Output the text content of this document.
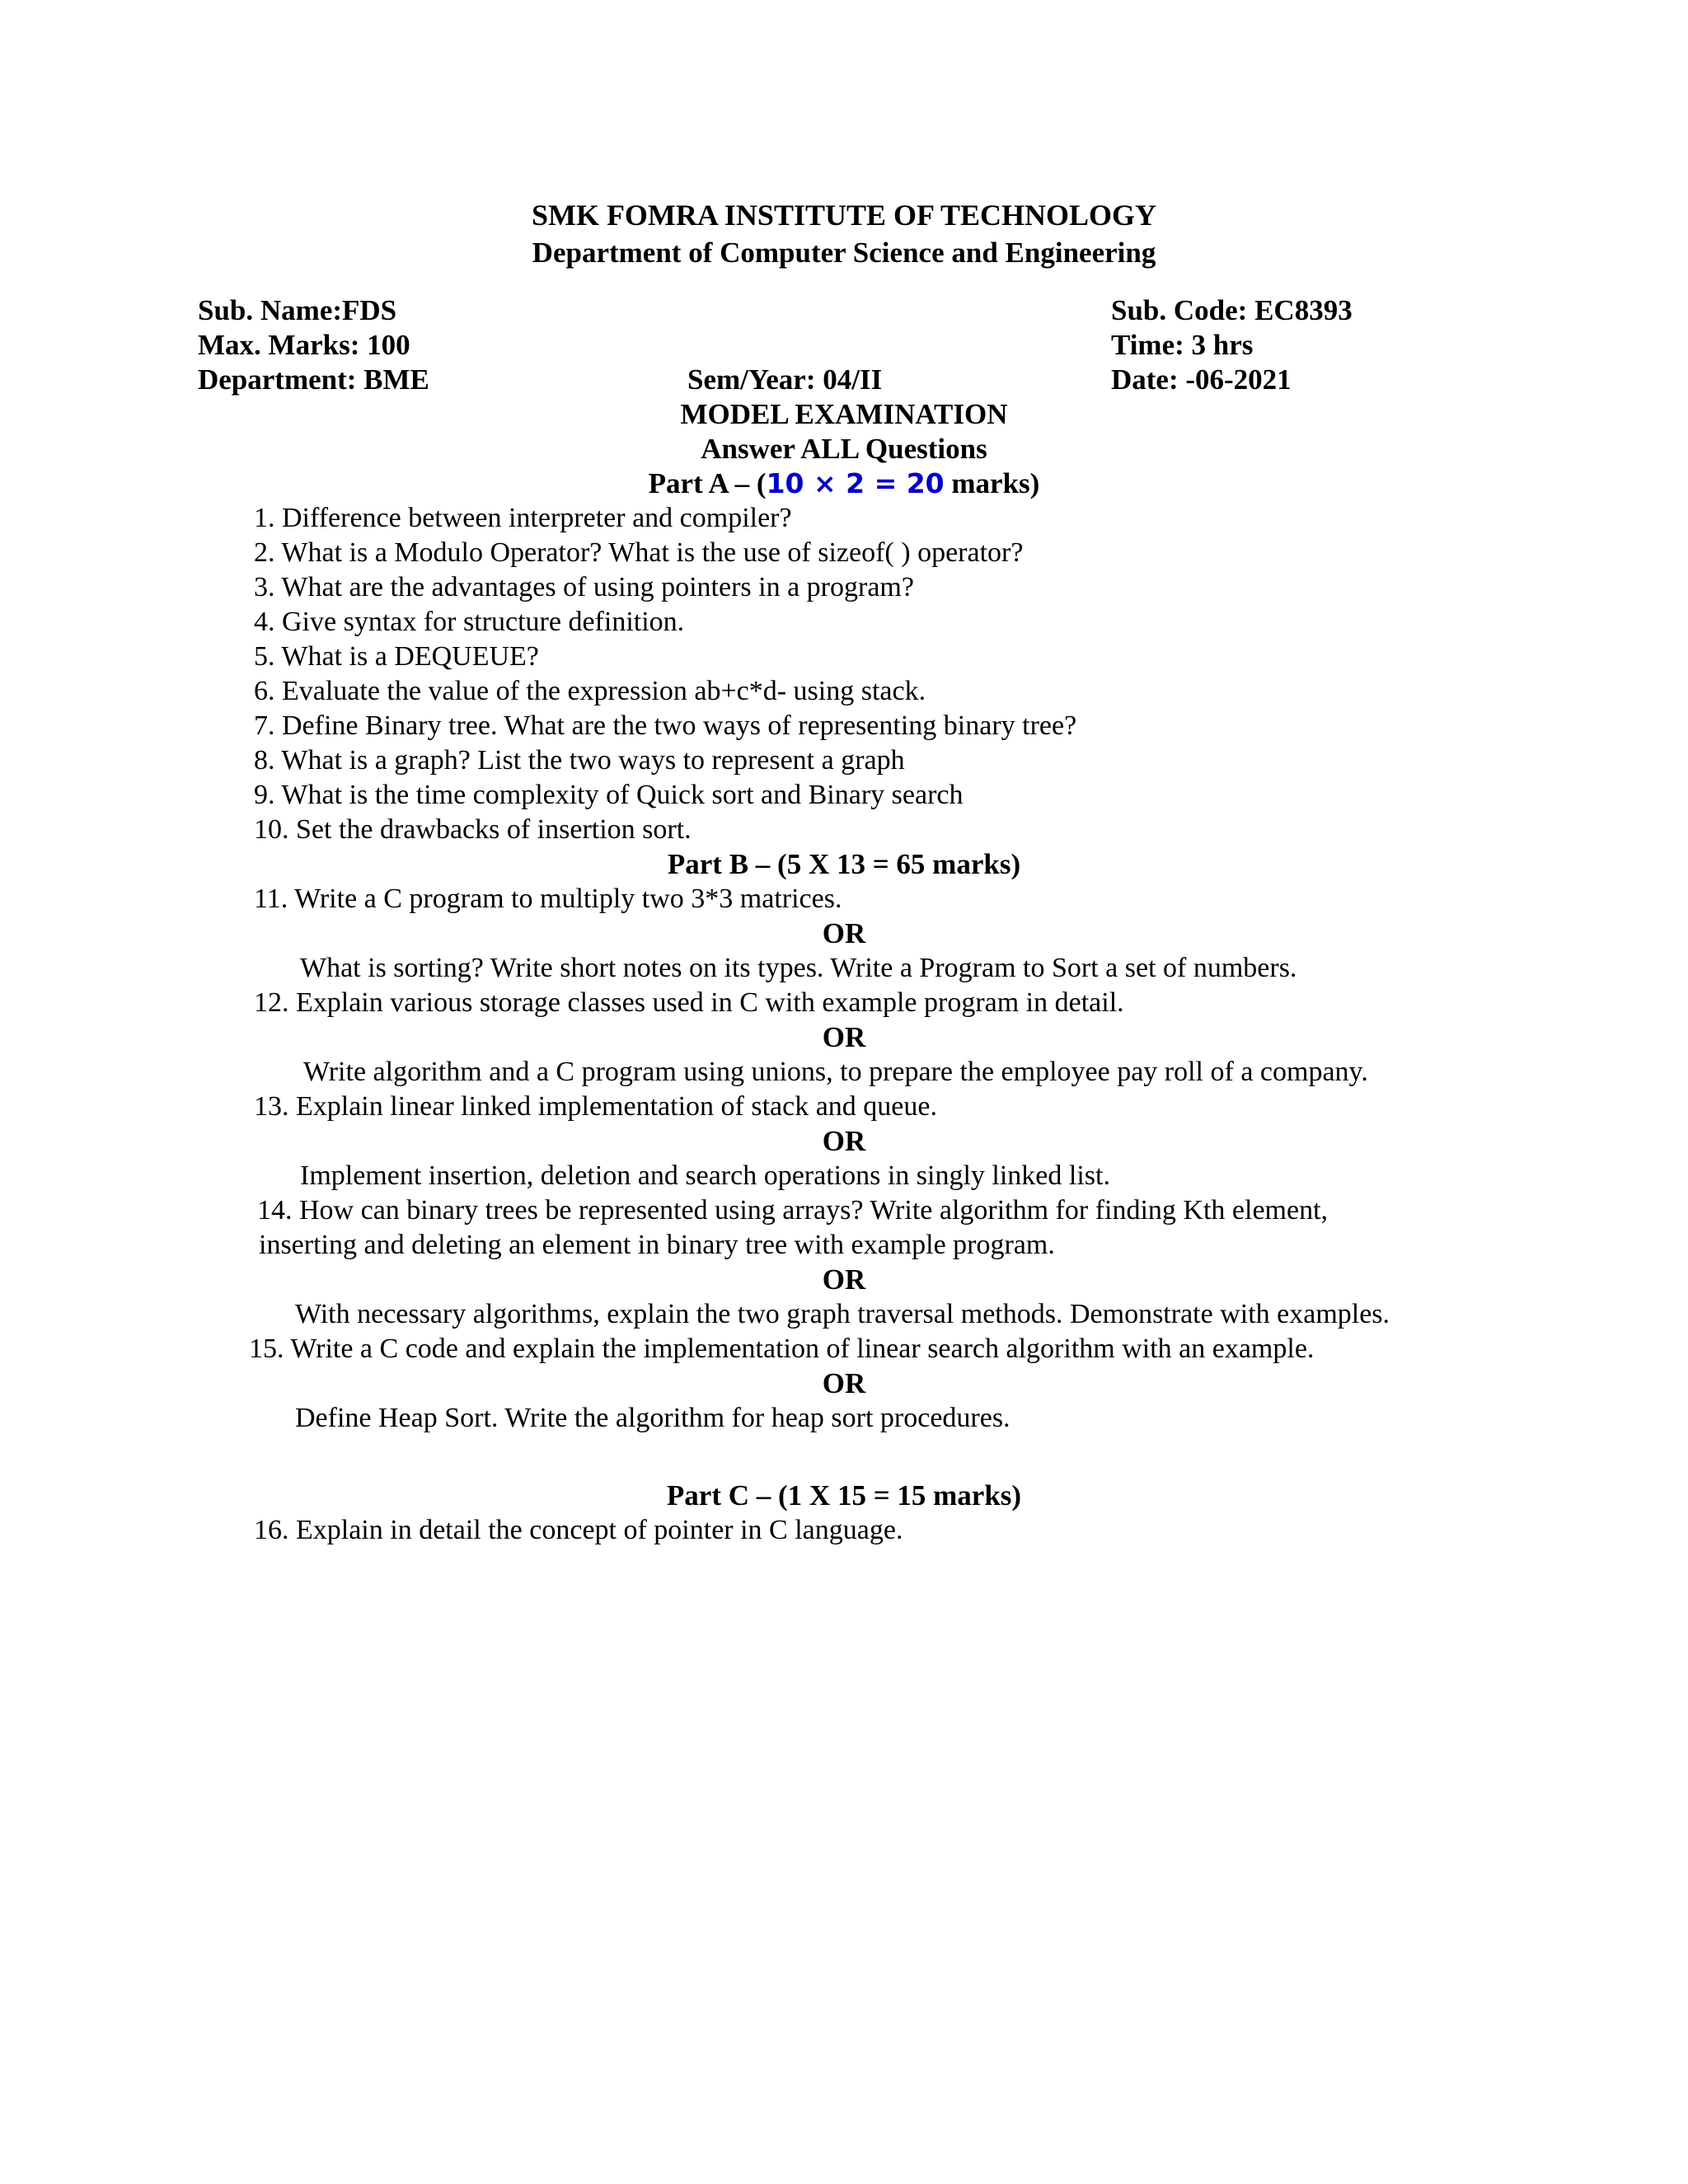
SMK FOMRA INSTITUTE OF TECHNOLOGY
Department of Computer Science and Engineering
Sub. Name:FDS
Max. Marks: 100
Department: BME
Sub. Code: EC8393
Time: 3 hrs
Sem/Year: 04/II	Date: -06-2021
MODEL EXAMINATION
Answer ALL Questions
Part A – (10 × 2 = 20 marks)
1. Difference between interpreter and compiler?
2. What is a Modulo Operator? What is the use of sizeof( ) operator?
3. What are the advantages of using pointers in a program?
4. Give syntax for structure definition.
5. What is a DEQUEUE?
6. Evaluate the value of the expression ab+c*d- using stack.
7. Define Binary tree. What are the two ways of representing binary tree?
8. What is a graph? List the two ways to represent a graph
9. What is the time complexity of Quick sort and Binary search
10. Set the drawbacks of insertion sort.
Part B – (5 X 13 = 65 marks)
11. Write a C program to multiply two 3*3 matrices.
OR
What is sorting? Write short notes on its types. Write a Program to Sort a set of numbers.
12. Explain various storage classes used in C with example program in detail.
OR
Write algorithm and a C program using unions, to prepare the employee pay roll of a company.
13. Explain linear linked implementation of stack and queue.
OR
Implement insertion, deletion and search operations in singly linked list.
14. How can binary trees be represented using arrays? Write algorithm for finding Kth element,
inserting and deleting an element in binary tree with example program.
OR
With necessary algorithms, explain the two graph traversal methods. Demonstrate with examples.
15. Write a C code and explain the implementation of linear search algorithm with an example.
OR
Define Heap Sort. Write the algorithm for heap sort procedures.
Part C – (1 X 15 = 15 marks)
16. Explain in detail the concept of pointer in C language.
